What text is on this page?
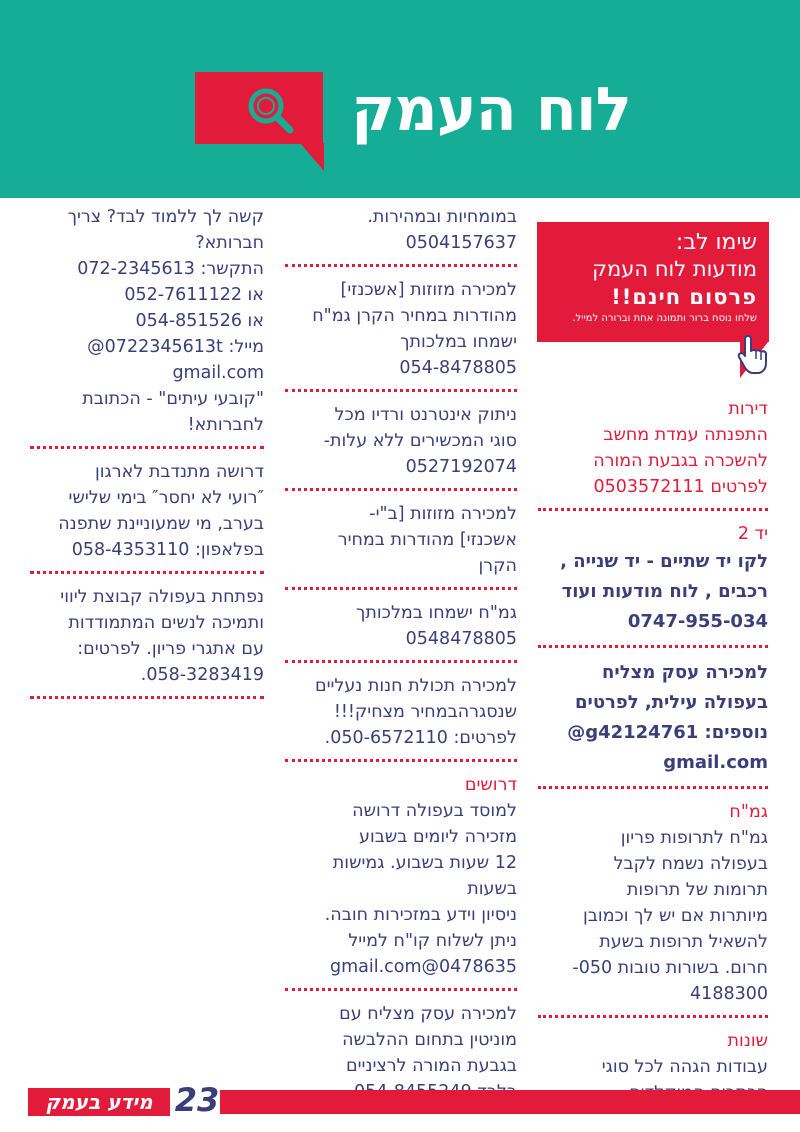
לוח העמק
שימו לב:
מודעות לוח העמק
פרסום חינם!!
שלחו נוסח ברור ותמונה אחת וברורה למייל.
דירות
התפנתה עמדת מחשב
להשכרה בגבעת המורה
לפרטים 0503572111
יד 2
לקו יד שתיים - יד שנייה ,
רכבים , לוח מודעות ועוד
0747-955-034
למכירה עסק מצליח
בעפולה עילית, לפרטים
נוספים: g42124761@
gmail.com
גמ"ח
גמ"ח לתרופות פריון
בעפולה נשמח לקבל
תרומות של תרופות
מיותרות אם יש לך וכמובן
להשאיל תרופות בשעת
חרום. בשורות טובות 050-
4188300
שונות
עבודות הגהה לכל סוגי
במומחיות ובמהירות.
0504157637
למכירה מזוזות [אשכנזי]
מהודרות במחיר הקרן גמ"ח
ישמחו במלכותך
054-8478805
ניתוק אינטרנט ורדיו מכל
סוגי המכשירים ללא עלות-
0527192074
למכירה מזוזות [ב"י-
אשכנזי] מהודרות במחיר
הקרן
גמ"ח ישמחו במלכותך
0548478805
למכירה תכולת חנות נעליים
שנסגרהבמחיר מצחיק!!!
לפרטים: 050-6572110.
דרושים
למוסד בעפולה דרושה
מזכירה ליומים בשבוע
12 שעות בשבוע. גמישות
בשעות
ניסיון וידע במזכירות חובה.
ניתן לשלוח קו"ח למייל
0478635@gmail.com
למכירה עסק מצליח עם
מוניטין בתחום ההלבשה
בגבעת המורה לרציניים
קשה לך ללמוד לבד? צריך
חברותא?
התקשר: 072-2345613
או 052-7611122
או 054-851526
מייל: 0722345613t@
gmail.com
"קובעי עיתים" - הכתובת
לחברותא!
דרושה מתנדבת לארגון
″רועי לא יחסר″ בימי שלישי
בערב, מי שמעוניינת שתפנה
בפלאפון: 058-4353110
נפתחת בעפולה קבוצת ליווי
ותמיכה לנשים המתמודדות
עם אתגרי פריון. לפרטים:
058-3283419.
23
מידע בעמק
